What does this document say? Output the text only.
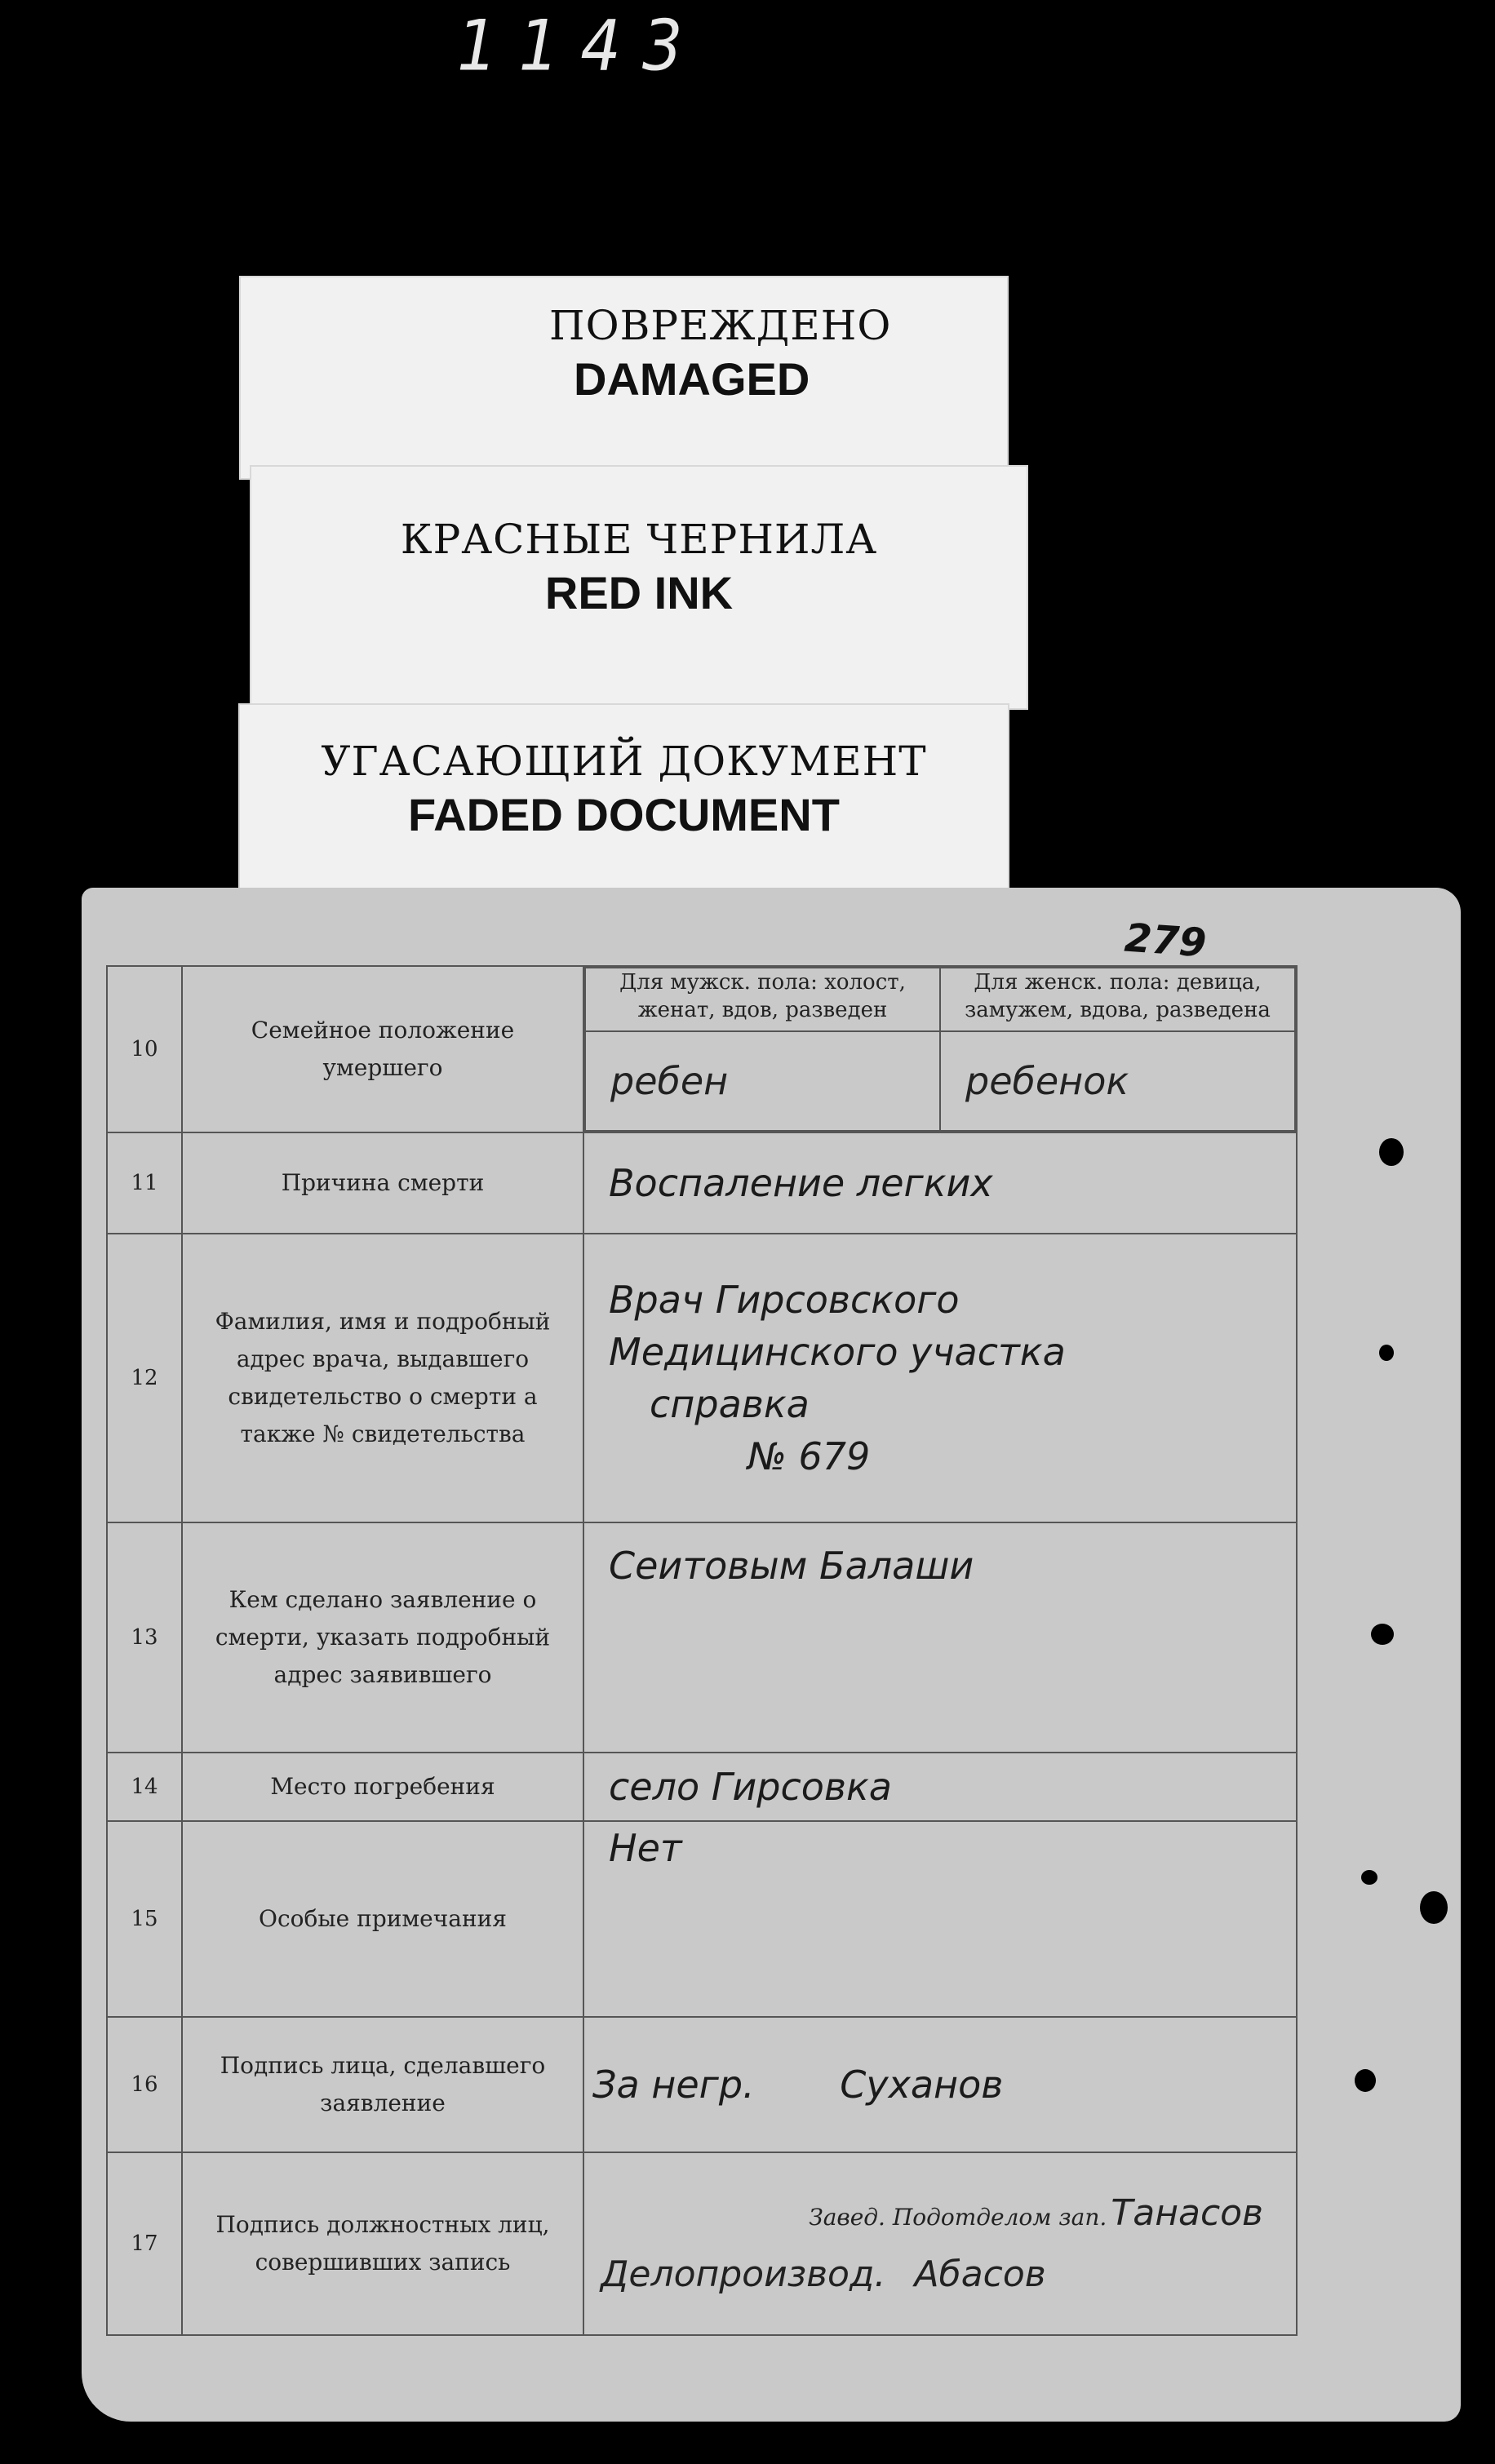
1143
ПОВРЕЖДЕНО
DAMAGED
КРАСНЫЕ ЧЕРНИЛА
RED INK
УГАСАЮЩИЙ ДОКУМЕНТ
FADED DOCUMENT
279
10	Семейное положение умершего	
Для мужск. пола: холост, женат, вдов, разведен	Для женск. пола: девица, замужем, вдова, разведена
ребен	ребенок

11	Причина смерти	Воспаление легких

12	Фамилия, имя и подробный адрес врача, выдавшего свидетельство о смерти а также № свидетельства	
Врач Гирсовского
Медицинского участка
справка
№ 679

13	Кем сделано заявление о смерти, указать подробный адрес заявившего	
Сеитовым Балаши

14	Место погребения	село Гирсовка

15	Особые примечания	
Нет

16	Подпись лица, сделавшего заявление	За негр. Суханов
17	Подпись должностных лиц, совершивших запись	
Завед. Подотделом зап. Танасов
Делопроизвод. Абасов
